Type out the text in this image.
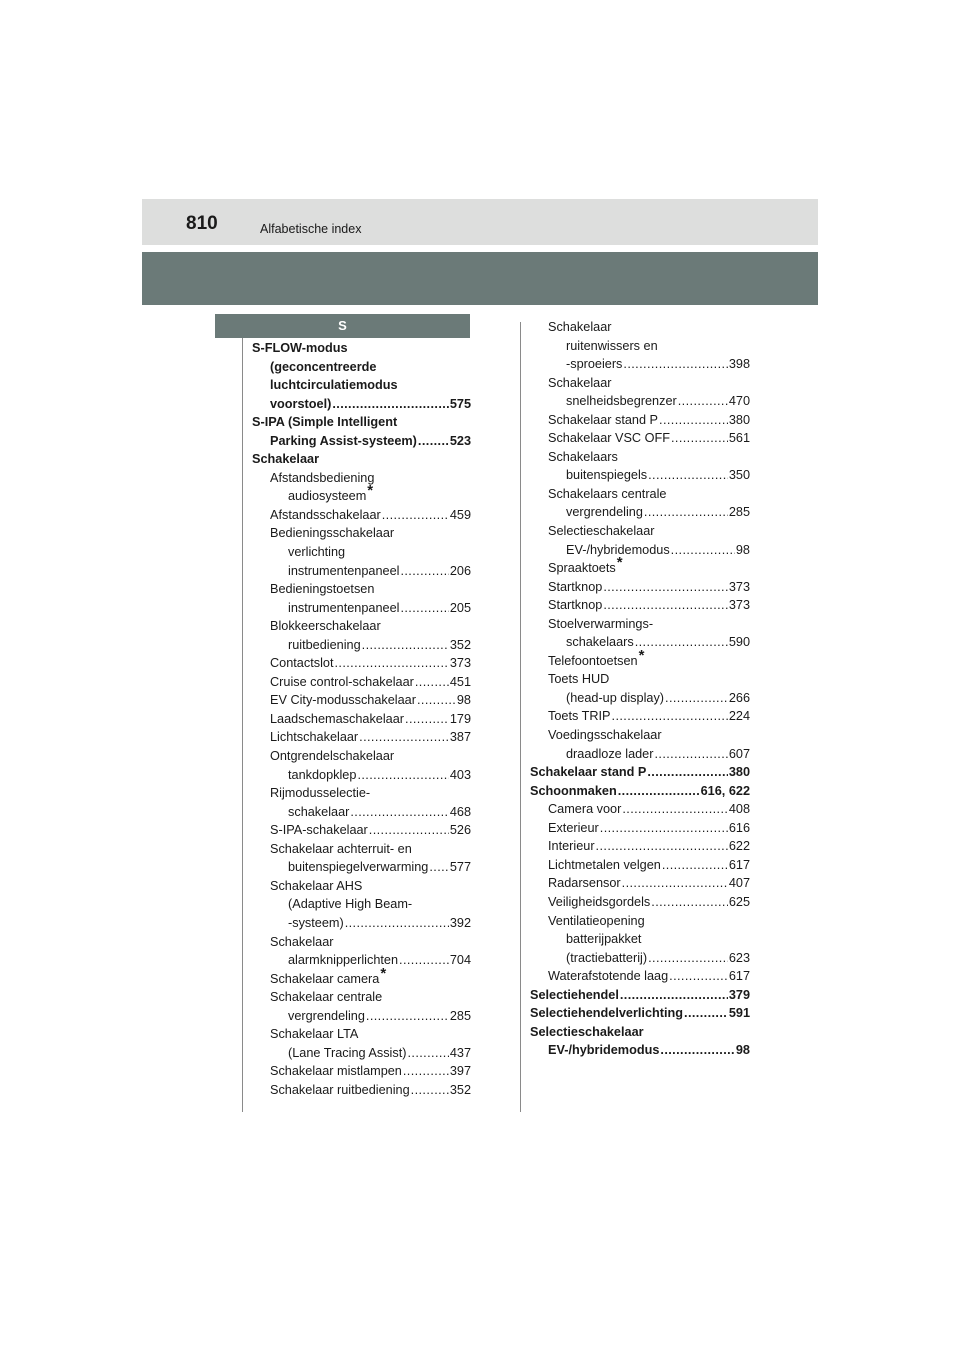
810	Alfabetische index
S
S-FLOW-modus
(geconcentreerde
luchtcirculatiemodus
voorstoel) .....	575
S-IPA (Simple Intelligent
Parking Assist-systeem) .....	523
Schakelaar
Afstandsbediening
audiosysteem*
Afstandsschakelaar .....	459
Bedieningsschakelaar
verlichting
instrumentenpaneel .....	206
Bedieningstoetsen
instrumentenpaneel .....	205
Blokkeerschakelaar
ruitbediening .....	352
Contactslot .....	373
Cruise control-schakelaar .....	451
EV City-modusschakelaar .....	98
Laadschemaschakelaar .....	179
Lichtschakelaar .....	387
Ontgrendelschakelaar
tankdopklep .....	403
Rijmodusselectie-
schakelaar .....	468
S-IPA-schakelaar .....	526
Schakelaar achterruit- en
buitenspiegelverwarming ..... 577
Schakelaar AHS
(Adaptive High Beam-
-systeem) .....	392
Schakelaar
alarmknipperlichten .....	704
Schakelaar camera*
Schakelaar centrale
vergrendeling .....	285
Schakelaar LTA
(Lane Tracing Assist) .....	437
Schakelaar mistlampen .....	397
Schakelaar ruitbediening .....	352
Schakelaar
ruitenwissers en
-sproeiers .....	398
Schakelaar
snelheidsbegrenzer .....	470
Schakelaar stand P .....	380
Schakelaar VSC OFF .....	561
Schakelaars
buitenspiegels .....	350
Schakelaars centrale
vergrendeling .....	285
Selectieschakelaar
EV-/hybridemodus .....	98
Spraaktoets*
Startknop .....	373
Startknop .....	373
Stoelverwarmings-
schakelaars .....	590
Telefoontoetsen*
Toets HUD
(head-up display) .....	266
Toets TRIP .....	224
Voedingsschakelaar
draadloze lader .....	607
Schakelaar stand P .....	380
Schoonmaken .....	616, 622
Camera voor .....	408
Exterieur .....	616
Interieur .....	622
Lichtmetalen velgen .....	617
Radarsensor .....	407
Veiligheidsgordels .....	625
Ventilatieopening
batterijpakket
(tractiebatterij) .....	623
Waterafstotende laag .....	617
Selectiehendel .....	379
Selectiehendelverlichting .....	591
Selectieschakelaar
EV-/hybridemodus .....	98
